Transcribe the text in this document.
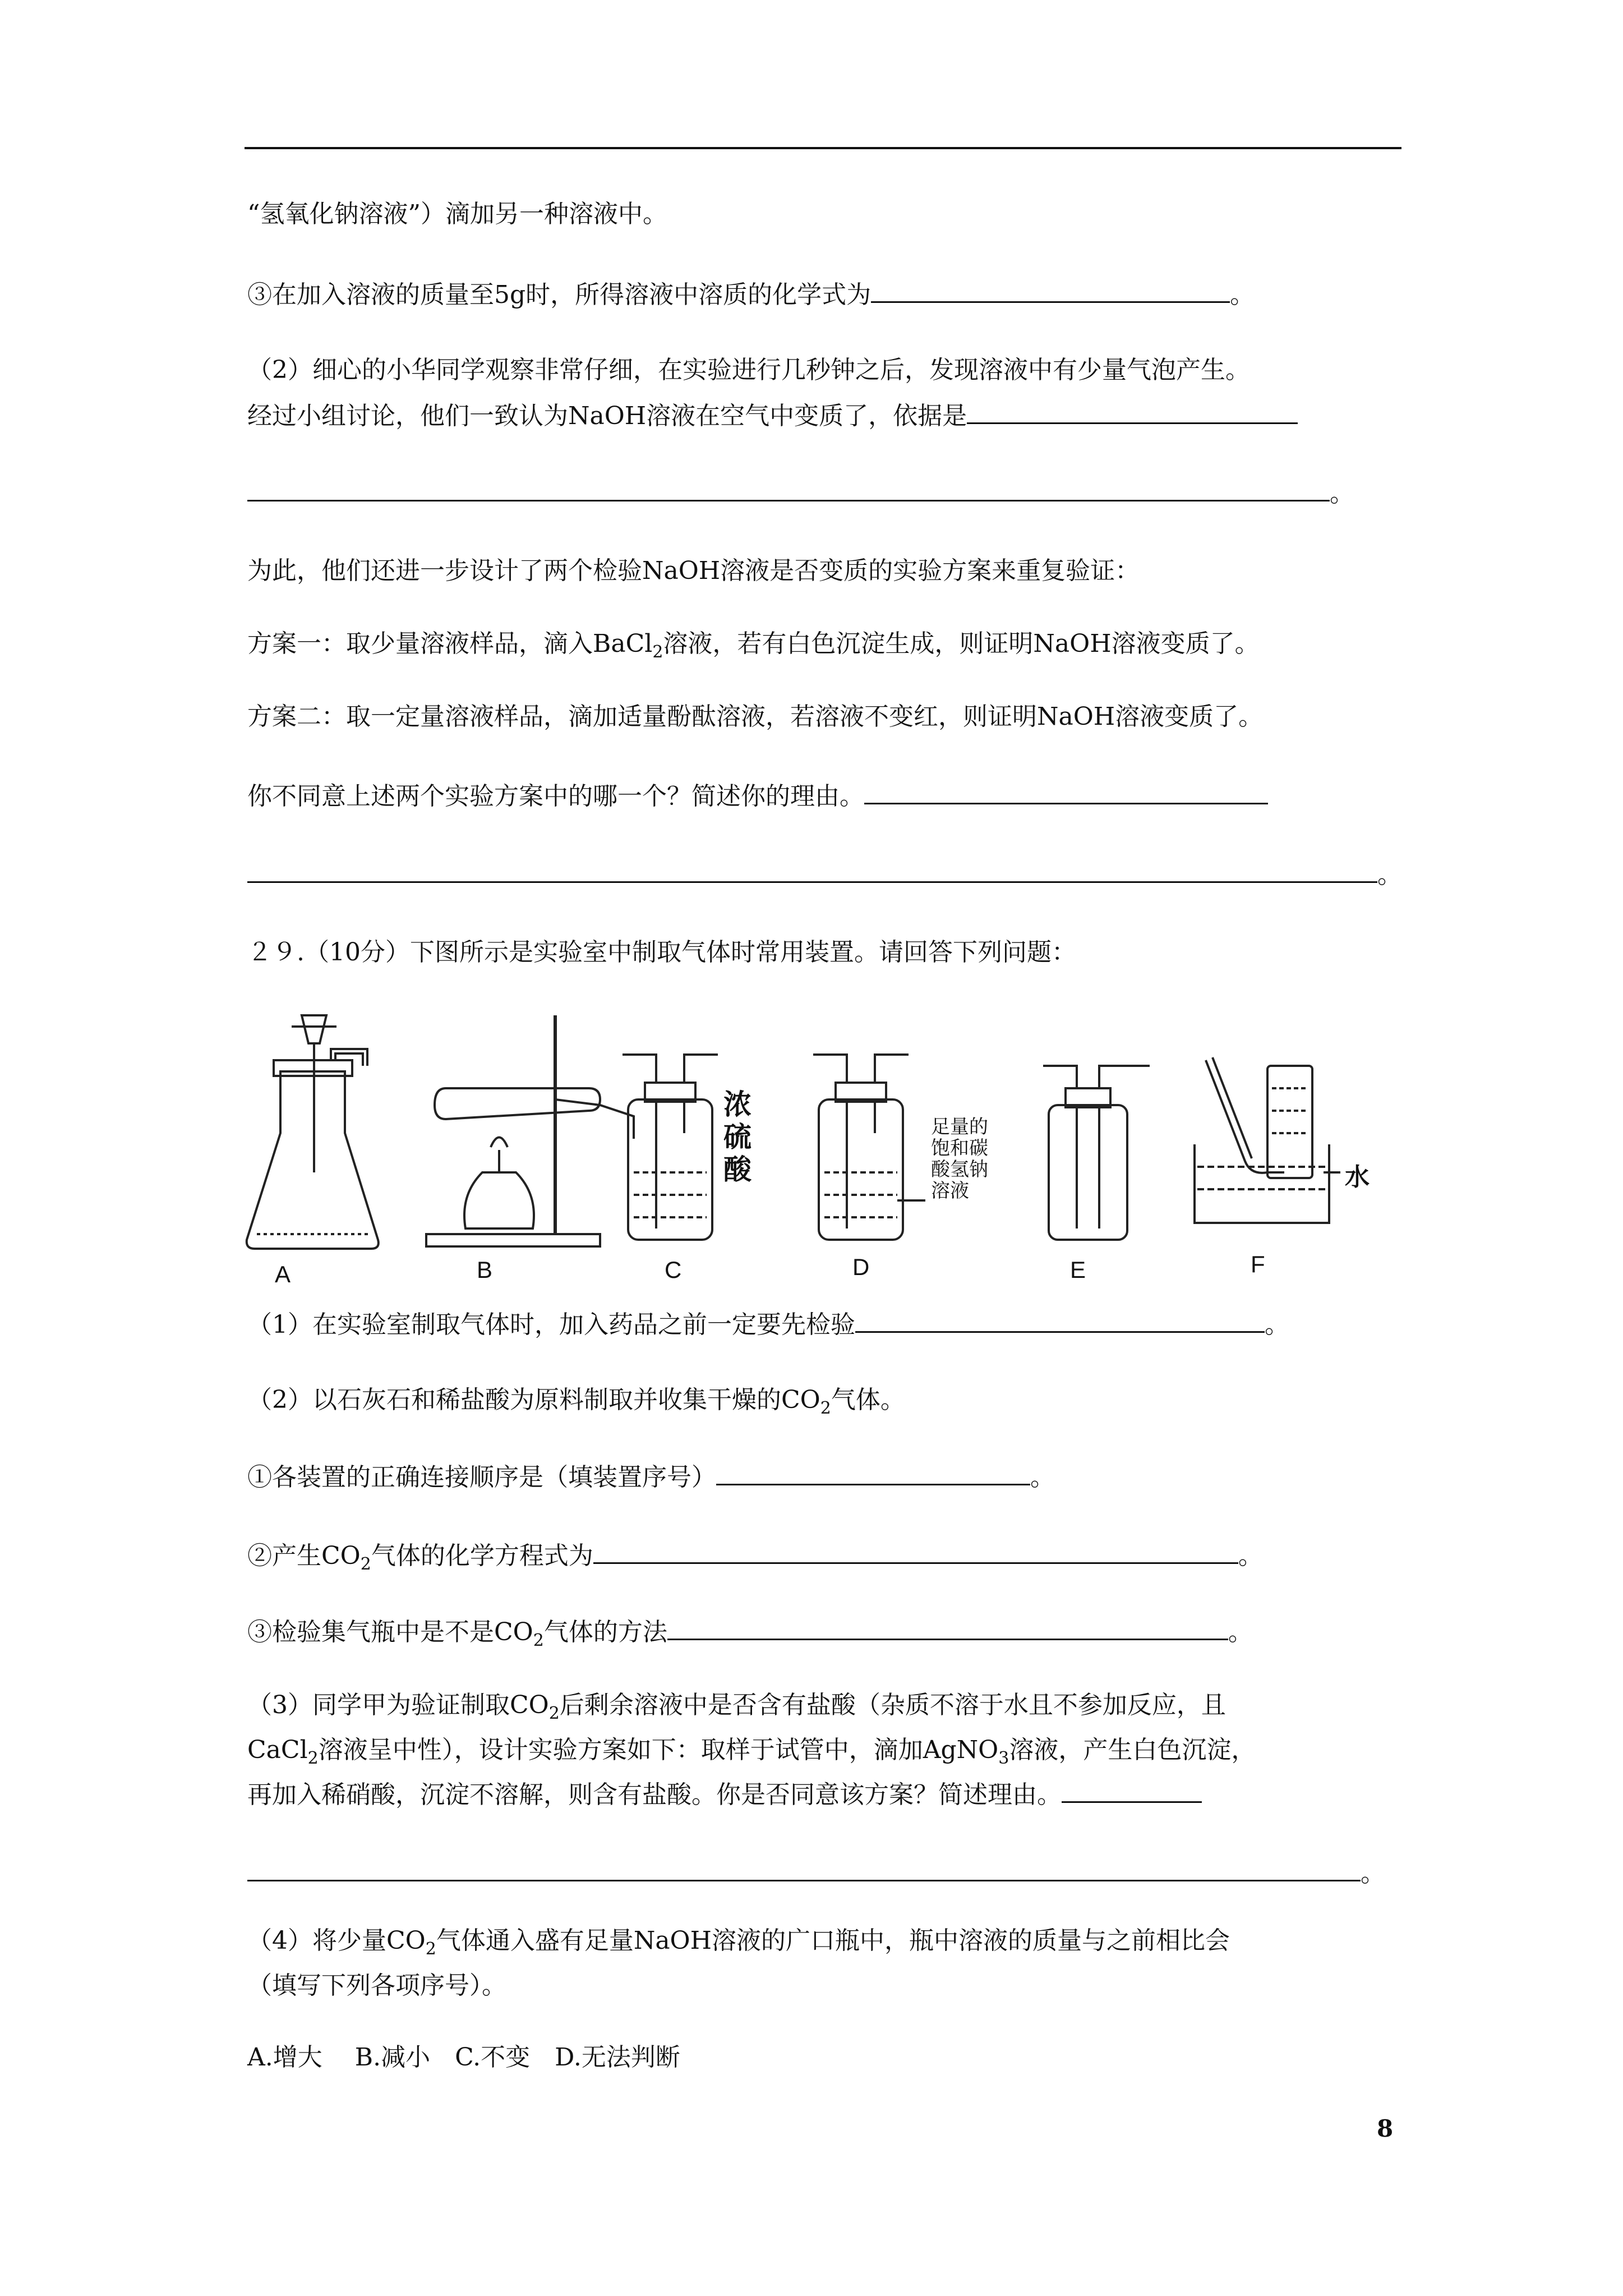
“氢氧化钠溶液”）滴加另一种溶液中。
③在加入溶液的质量至5g时，所得溶液中溶质的化学式为	。
（2）细心的小华同学观察非常仔细，在实验进行几秒钟之后，发现溶液中有少量气泡产生。
经过小组讨论，他们一致认为NaOH溶液在空气中变质了，依据是
。
为此，他们还进一步设计了两个检验NaOH溶液是否变质的实验方案来重复验证：
方案一：取少量溶液样品，滴入BaCl$_2$溶液，若有白色沉淀生成，则证明NaOH溶液变质了。
方案二：取一定量溶液样品，滴加适量酚酞溶液，若溶液不变红，则证明NaOH溶液变质了。
你不同意上述两个实验方案中的哪一个？简述你的理由。
。
２９.（10分）下图所示是实验室中制取气体时常用装置。请回答下列问题：
A	B	C	D	E	F
浓硫酸
足量的饱和碳酸氢钠溶液	水
（1）在实验室制取气体时，加入药品之前一定要先检验	。
（2）以石灰石和稀盐酸为原料制取并收集干燥的$CO_2$气体。
①各装置的正确连接顺序是（填装置序号）	。
②产生$CO_2$气体的化学方程式为	。
③检验集气瓶中是不是$CO_2$气体的方法	。
（3）同学甲为验证制取$CO_2$后剩余溶液中是否含有盐酸（杂质不溶于水且不参加反应，且
CaCl$_2$溶液呈中性），设计实验方案如下：取样于试管中，滴加AgNO$_3$溶液，产生白色沉淀，
再加入稀硝酸，沉淀不溶解，则含有盐酸。你是否同意该方案？简述理由。
。
（4）将少量$CO_2$气体通入盛有足量NaOH溶液的广口瓶中，瓶中溶液的质量与之前相比会
（填写下列各项序号）。
A.增大　 B.减小　C.不变　D.无法判断
8
